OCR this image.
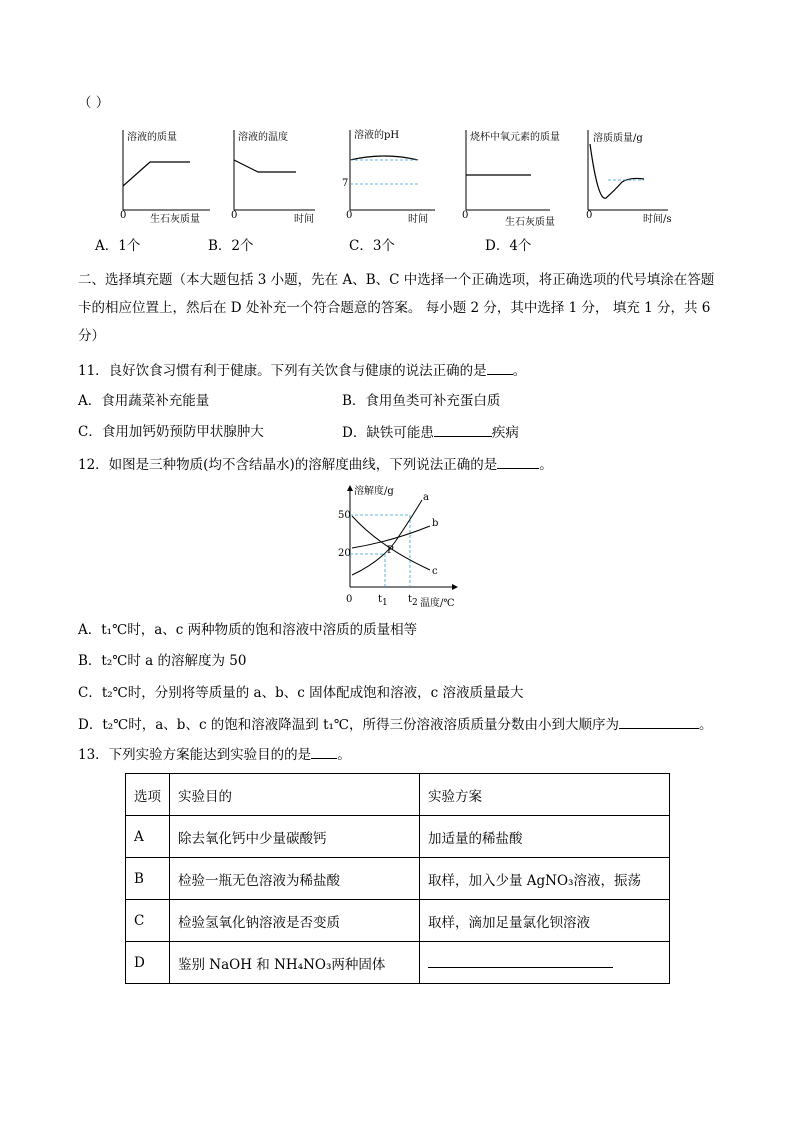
（ ）
溶液的质量
生石灰质量
0
溶液的温度
时间
0
溶液的pH
时间
0
7
烧杯中氧元素的质量
生石灰质量
0
溶质质量/g
时间/s
0
A．1个	B．2个	C．3个	D．4个
二、选择填充题（本大题包括 3 小题，先在 A、B、C 中选择一个正确选项，将正确选项的代号填涂在答题
卡的相应位置上，然后在 D 处补充一个符合题意的答案。 每小题 2 分，其中选择 1 分， 填充 1 分，共 6
分）
11．良好饮食习惯有利于健康。下列有关饮食与健康的说法正确的是 。
A．食用蔬菜补充能量	B．食用鱼类可补充蛋白质
C．食用加钙奶预防甲状腺肿大	D．缺铁可能患	疾病
12．如图是三种物质(均不含结晶水)的溶解度曲线，下列说法正确的是	。
溶解度/g
50
20
0	$t_1$ $t_2$ 温度/℃
a
b
c
P
A．t₁℃时，a、c 两种物质的饱和溶液中溶质的质量相等
B．t₂℃时 a 的溶解度为 50
C．t₂℃时，分别将等质量的 a、b、c 固体配成饱和溶液，c 溶液质量最大
D．t₂℃时，a、b、c 的饱和溶液降温到 t₁℃，所得三份溶液溶质质量分数由小到大顺序为	。
13．下列实验方案能达到实验目的的是 。
选项	实验目的	实验方案
A	除去氧化钙中少量碳酸钙	加适量的稀盐酸
B	检验一瓶无色溶液为稀盐酸	取样，加入少量 AgNO₃溶液，振荡
C	检验氢氧化钠溶液是否变质	取样，滴加足量氯化钡溶液
D	鉴别 NaOH 和 NH₄NO₃两种固体	
